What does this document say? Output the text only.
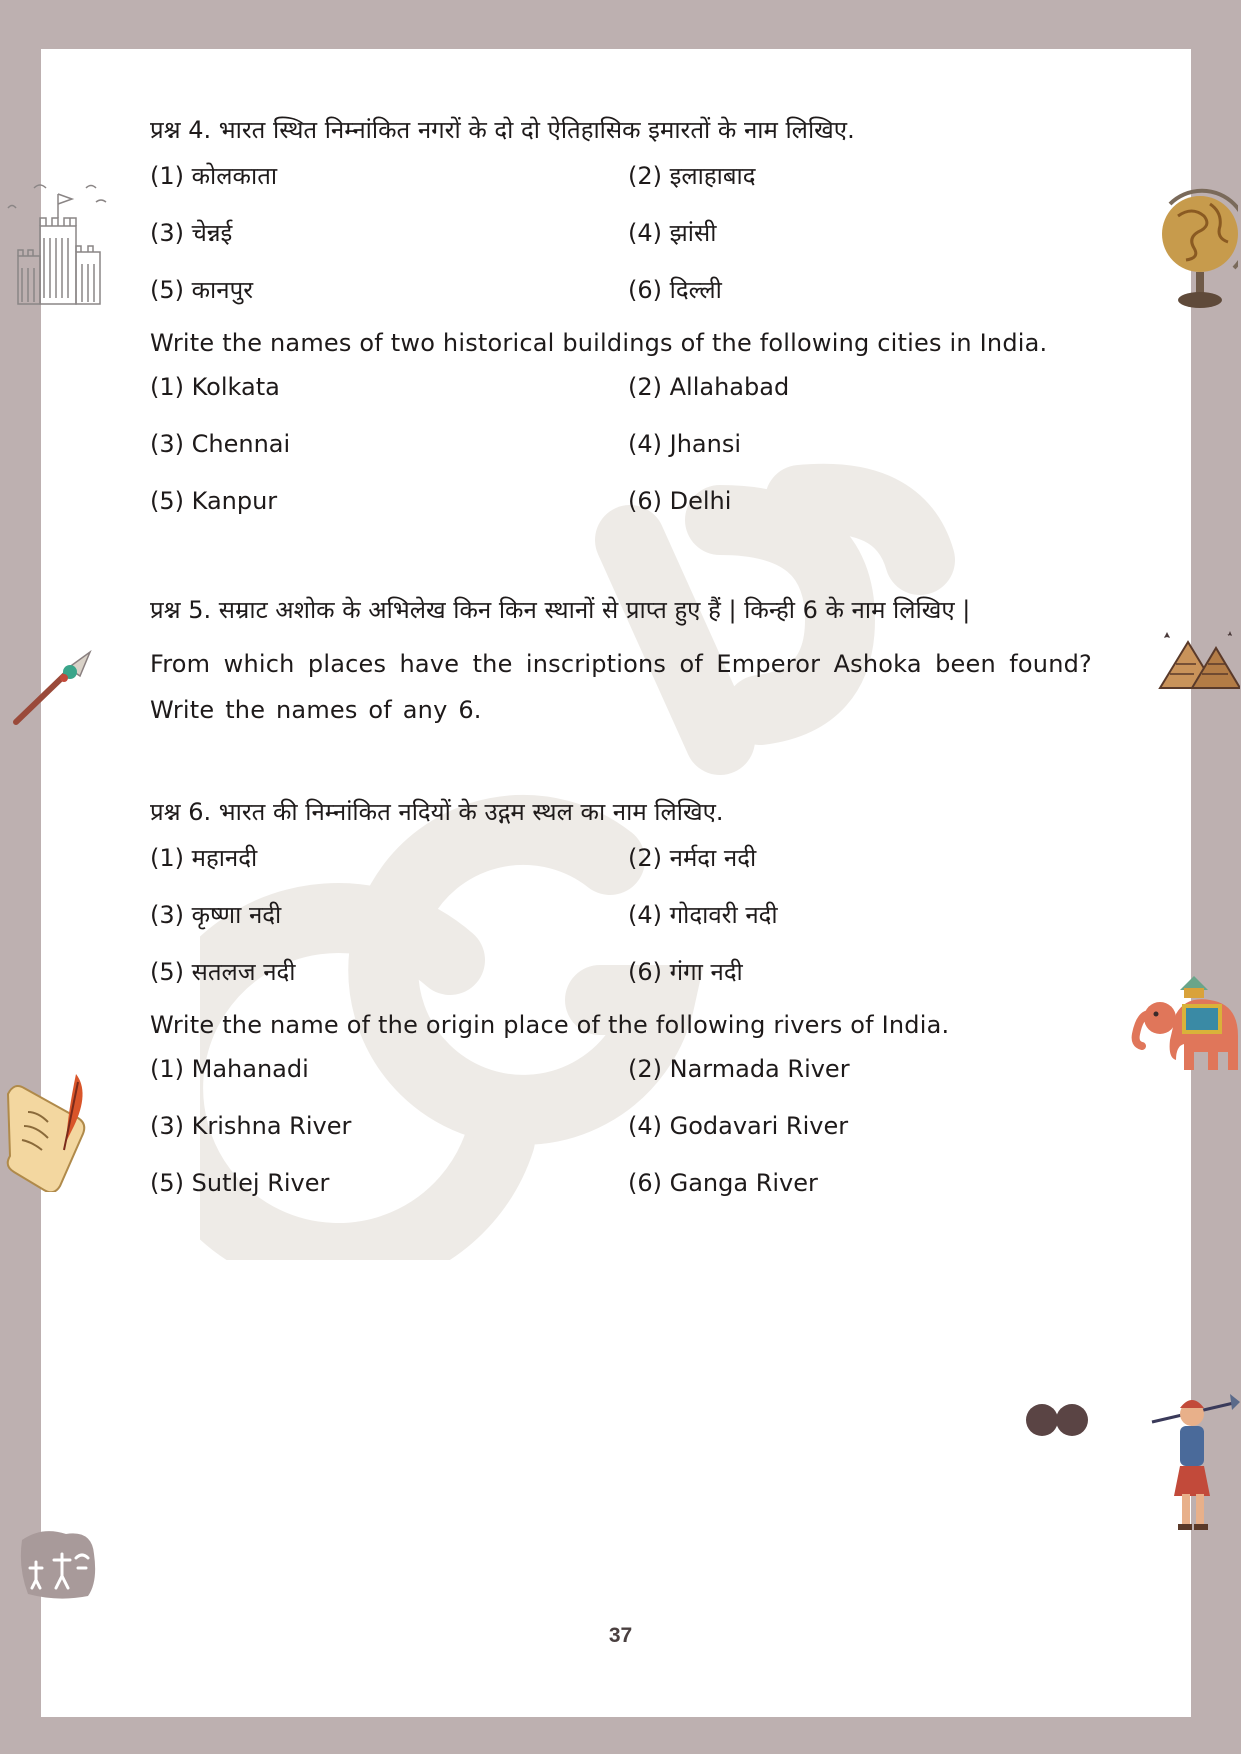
प्रश्न 4. भारत स्थित निम्नांकित नगरों के दो दो ऐतिहासिक इमारतों के नाम लिखिए.
(1) कोलकाता	(2) इलाहाबाद
(3) चेन्नई	(4) झांसी
(5) कानपुर	(6) दिल्ली
Write the names of two historical buildings of the following cities in India.
(1) Kolkata	(2) Allahabad
(3) Chennai	(4) Jhansi
(5) Kanpur	(6) Delhi
प्रश्न 5. सम्राट अशोक के अभिलेख किन किन स्थानों से प्राप्त हुए हैं | किन्ही 6 के नाम लिखिए |
From which places have the inscriptions of Emperor Ashoka been found? Write the names of any 6.
प्रश्न 6. भारत की निम्नांकित नदियों के उद्गम स्थल का नाम लिखिए.
(1) महानदी	(2) नर्मदा नदी
(3) कृष्णा नदी	(4) गोदावरी नदी
(5) सतलज नदी	(6) गंगा नदी
Write the name of the origin place of the following rivers of India.
(1) Mahanadi	(2) Narmada River
(3) Krishna River	(4) Godavari River
(5) Sutlej River	(6) Ganga River
37
